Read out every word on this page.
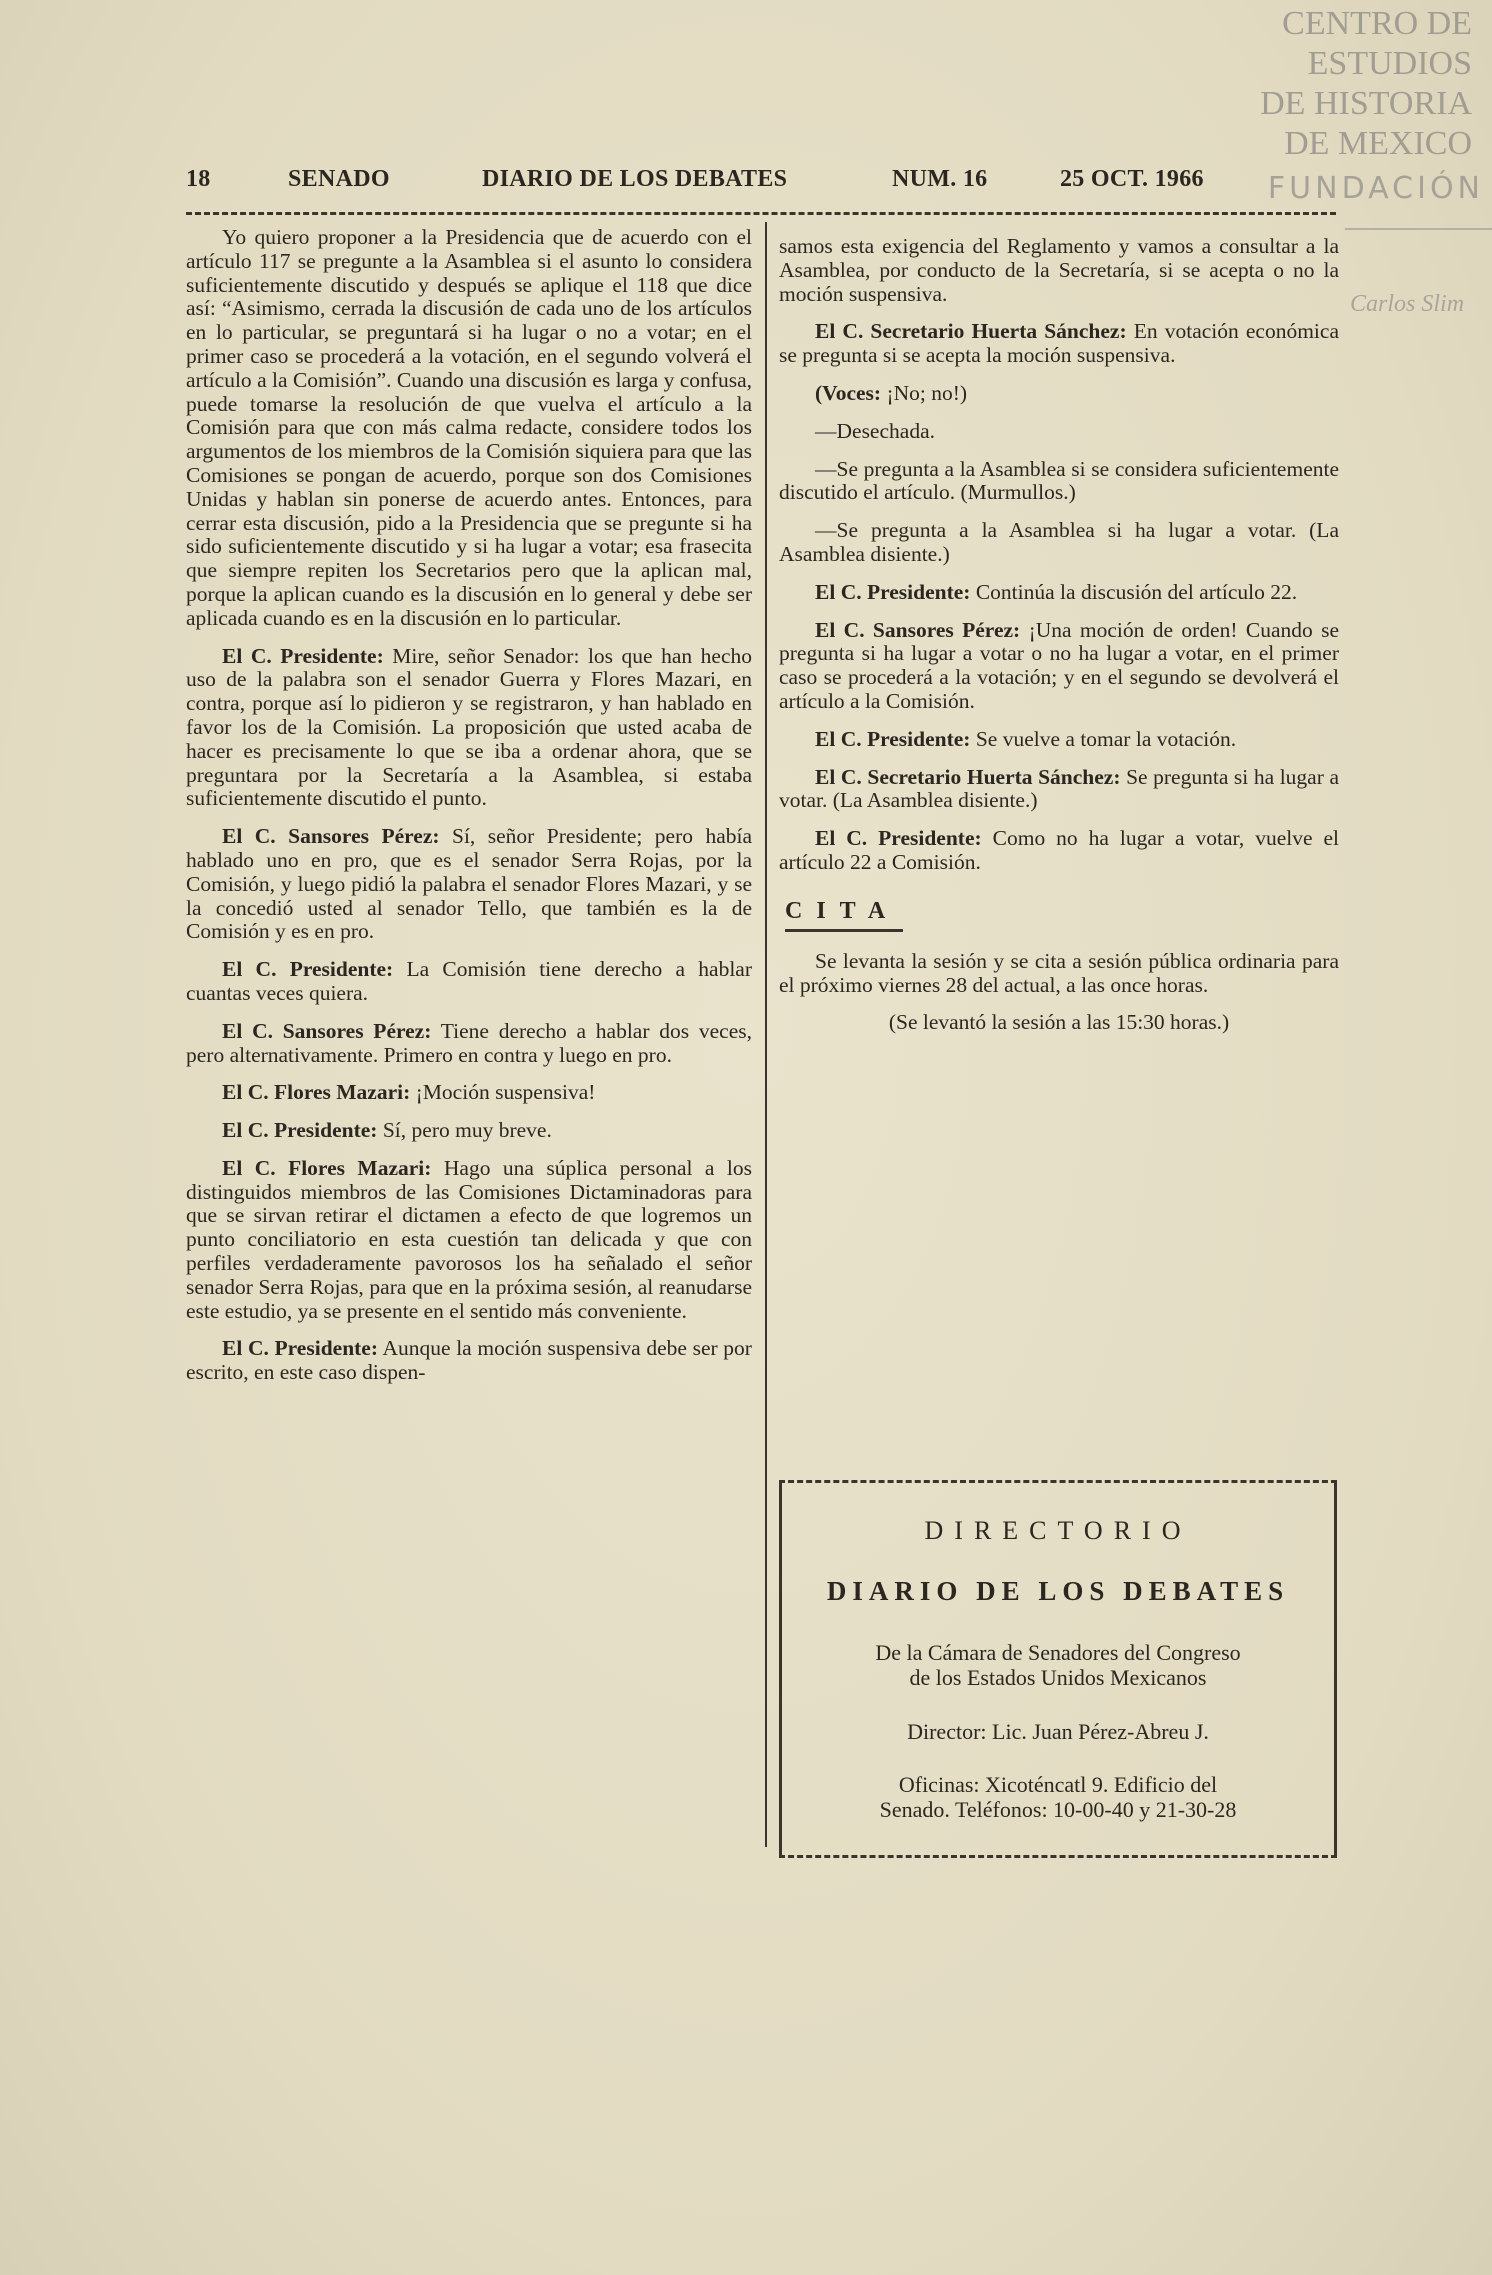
CENTRO DE
ESTUDIOS
DE HISTORIA
DE MEXICO
FUNDACIÓN
Carlos Slim
18	SENADO	DIARIO DE LOS DEBATES	NUM. 16	25 OCT. 1966

Yo quiero proponer a la Presidencia que de acuerdo con el artículo 117 se pregunte a la Asamblea si el asunto lo considera suficientemente discutido y después se aplique el 118 que dice así: “Asimismo, cerrada la discusión de cada uno de los artículos en lo particular, se preguntará si ha lugar o no a votar; en el primer caso se procederá a la votación, en el segundo volverá el artículo a la Comisión”. Cuando una discusión es larga y confusa, puede tomarse la resolución de que vuelva el artículo a la Comisión para que con más calma redacte, considere todos los argumentos de los miembros de la Comisión siquiera para que las Comisiones se pongan de acuerdo, porque son dos Comisiones Unidas y hablan sin ponerse de acuerdo antes. Entonces, para cerrar esta discusión, pido a la Presidencia que se pregunte si ha sido suficientemente discutido y si ha lugar a votar; esa frasecita que siempre repiten los Secretarios pero que la aplican mal, porque la aplican cuando es la discusión en lo general y debe ser aplicada cuando es en la discusión en lo particular.

El C. Presidente: Mire, señor Senador: los que han hecho uso de la palabra son el senador Guerra y Flores Mazari, en contra, porque así lo pidieron y se registraron, y han hablado en favor los de la Comisión. La proposición que usted acaba de hacer es precisamente lo que se iba a ordenar ahora, que se preguntara por la Secretaría a la Asamblea, si estaba suficientemente discutido el punto.

El C. Sansores Pérez: Sí, señor Presidente; pero había hablado uno en pro, que es el senador Serra Rojas, por la Comisión, y luego pidió la palabra el senador Flores Mazari, y se la concedió usted al senador Tello, que también es la de Comisión y es en pro.

El C. Presidente: La Comisión tiene derecho a hablar cuantas veces quiera.

El C. Sansores Pérez: Tiene derecho a hablar dos veces, pero alternativamente. Primero en contra y luego en pro.

El C. Flores Mazari: ¡Moción suspensiva!

El C. Presidente: Sí, pero muy breve.

El C. Flores Mazari: Hago una súplica personal a los distinguidos miembros de las Comisiones Dictaminadoras para que se sirvan retirar el dictamen a efecto de que logremos un punto conciliatorio en esta cuestión tan delicada y que con perfiles verdaderamente pavorosos los ha señalado el señor senador Serra Rojas, para que en la próxima sesión, al reanudarse este estudio, ya se presente en el sentido más conveniente.

El C. Presidente: Aunque la moción suspensiva debe ser por escrito, en este caso dispen-

samos esta exigencia del Reglamento y vamos a consultar a la Asamblea, por conducto de la Secretaría, si se acepta o no la moción suspensiva.

El C. Secretario Huerta Sánchez: En votación económica se pregunta si se acepta la moción suspensiva.

(Voces: ¡No; no!)

—Desechada.

—Se pregunta a la Asamblea si se considera suficientemente discutido el artículo. (Murmullos.)

—Se pregunta a la Asamblea si ha lugar a votar. (La Asamblea disiente.)

El C. Presidente: Continúa la discusión del artículo 22.

El C. Sansores Pérez: ¡Una moción de orden! Cuando se pregunta si ha lugar a votar o no ha lugar a votar, en el primer caso se procederá a la votación; y en el segundo se devolverá el artículo a la Comisión.

El C. Presidente: Se vuelve a tomar la votación.

El C. Secretario Huerta Sánchez: Se pregunta si ha lugar a votar. (La Asamblea disiente.)

El C. Presidente: Como no ha lugar a votar, vuelve el artículo 22 a Comisión.

CITA

Se levanta la sesión y se cita a sesión pública ordinaria para el próximo viernes 28 del actual, a las once horas.

(Se levantó la sesión a las 15:30 horas.)

DIRECTORIO
DIARIO DE LOS DEBATES
De la Cámara de Senadores del Congreso
de los Estados Unidos Mexicanos
Director: Lic. Juan Pérez-Abreu J.
Oficinas: Xicoténcatl 9. Edificio del
Senado. Teléfonos: 10-00-40 y 21-30-28
